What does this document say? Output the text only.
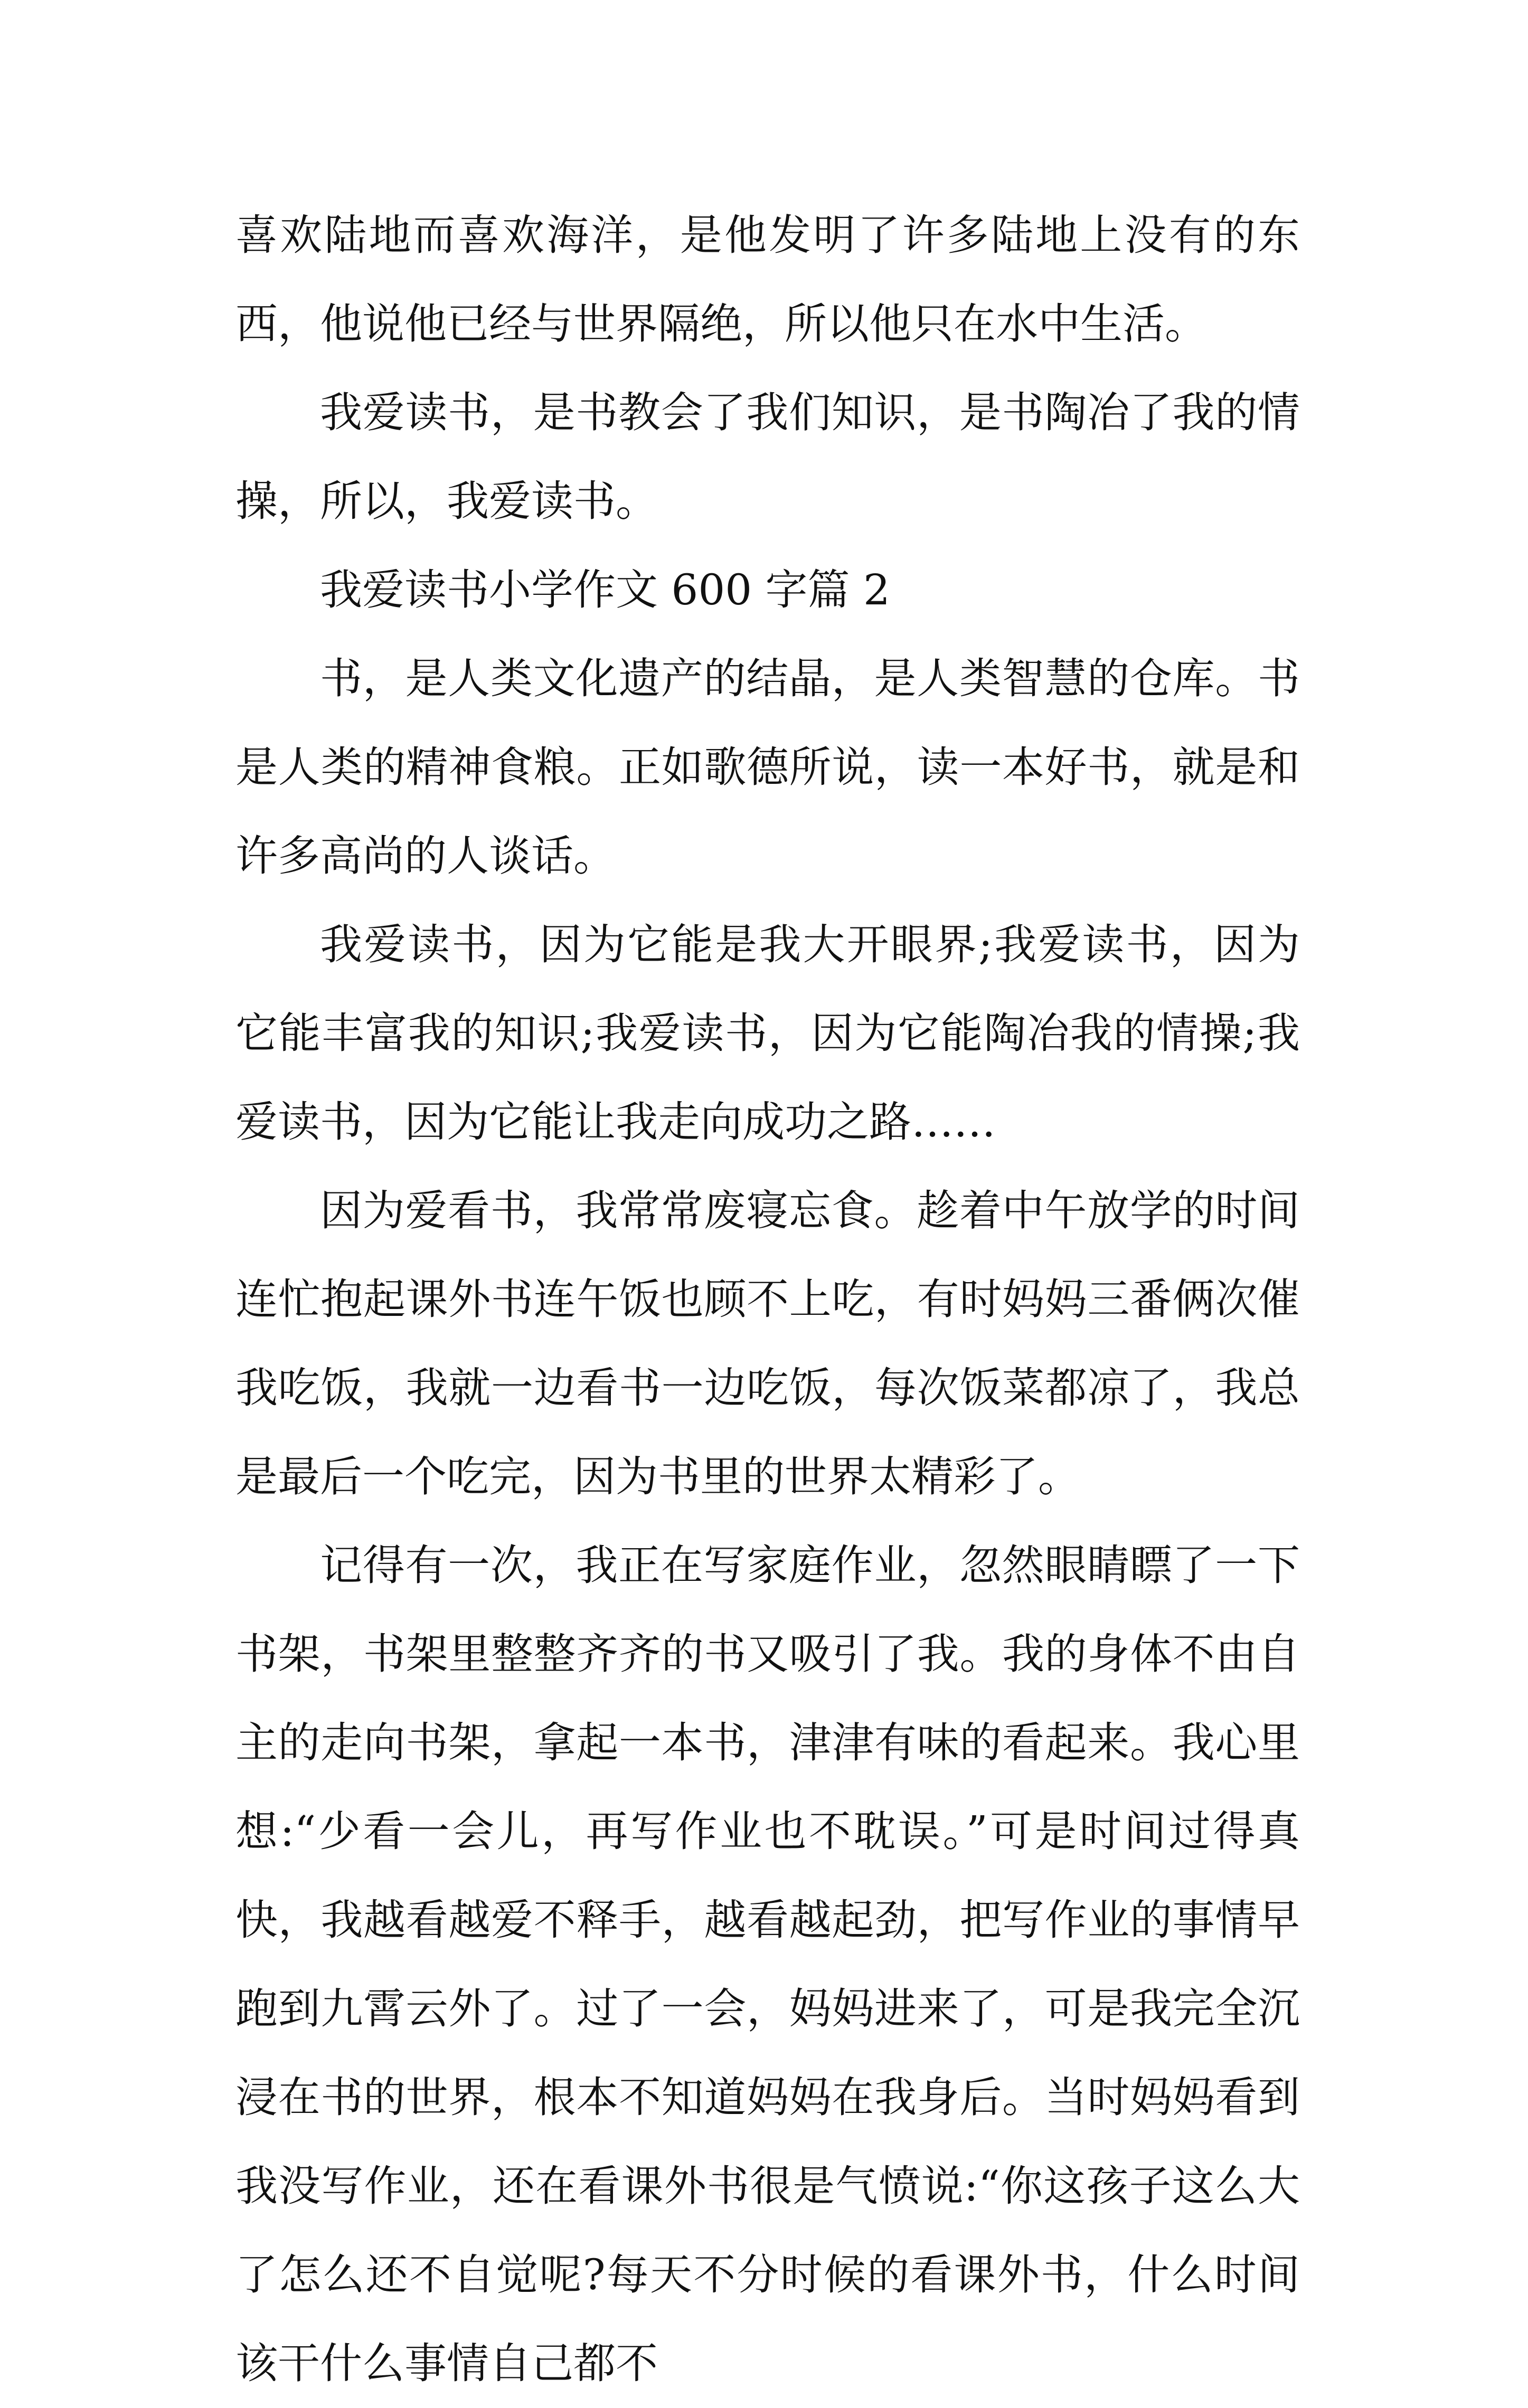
喜欢陆地而喜欢海洋，是他发明了许多陆地上没有的东西，他说他已经与世界隔绝，所以他只在水中生活。

我爱读书，是书教会了我们知识，是书陶冶了我的情操，所以，我爱读书。

我爱读书小学作文 600 字篇 2

书，是人类文化遗产的结晶，是人类智慧的仓库。书是人类的精神食粮。正如歌德所说，读一本好书，就是和许多高尚的人谈话。

我爱读书，因为它能是我大开眼界;我爱读书，因为它能丰富我的知识;我爱读书，因为它能陶冶我的情操;我爱读书，因为它能让我走向成功之路……

因为爱看书，我常常废寝忘食。趁着中午放学的时间连忙抱起课外书连午饭也顾不上吃，有时妈妈三番俩次催我吃饭，我就一边看书一边吃饭，每次饭菜都凉了，我总是最后一个吃完，因为书里的世界太精彩了。

记得有一次，我正在写家庭作业，忽然眼睛瞟了一下书架，书架里整整齐齐的书又吸引了我。我的身体不由自主的走向书架，拿起一本书，津津有味的看起来。我心里想:“少看一会儿，再写作业也不耽误。”可是时间过得真快，我越看越爱不释手，越看越起劲，把写作业的事情早跑到九霄云外了。过了一会，妈妈进来了，可是我完全沉浸在书的世界，根本不知道妈妈在我身后。当时妈妈看到我没写作业，还在看课外书很是气愤说:“你这孩子这么大了怎么还不自觉呢?每天不分时候的看课外书，什么时间该干什么事情自己都不
